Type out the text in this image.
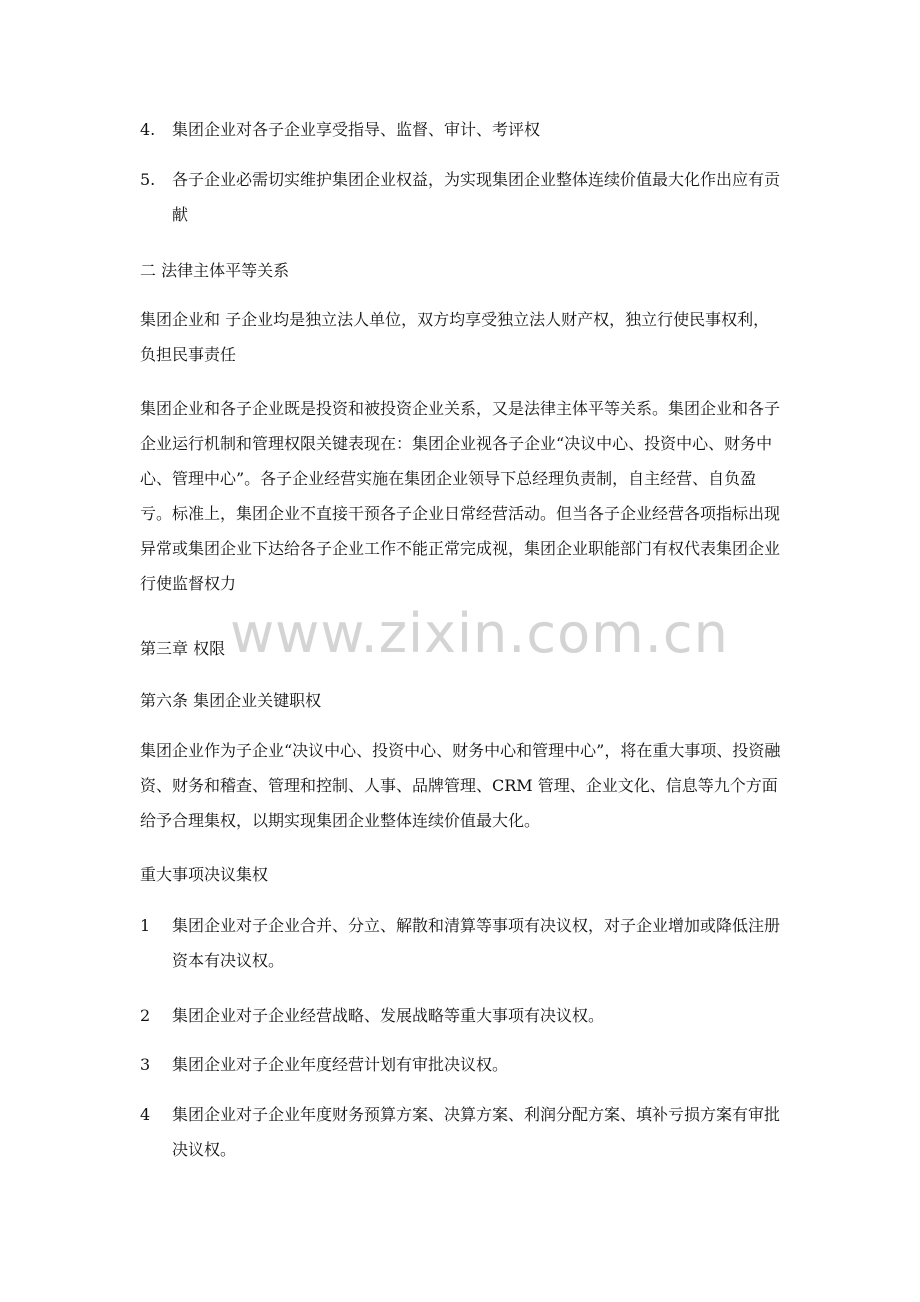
4.	集团企业对各子企业享受指导、监督、审计、考评权
5.	各子企业必需切实维护集团企业权益，为实现集团企业整体连续价值最大化作出应有贡献

二 法律主体平等关系

集团企业和 子企业均是独立法人单位，双方均享受独立法人财产权，独立行使民事权利，负担民事责任

集团企业和各子企业既是投资和被投资企业关系，又是法律主体平等关系。集团企业和各子企业运行机制和管理权限关键表现在：集团企业视各子企业“决议中心、投资中心、财务中心、管理中心”。各子企业经营实施在集团企业领导下总经理负责制，自主经营、自负盈亏。标准上，集团企业不直接干预各子企业日常经营活动。但当各子企业经营各项指标出现异常或集团企业下达给各子企业工作不能正常完成视，集团企业职能部门有权代表集团企业行使监督权力

第三章 权限

第六条 集团企业关键职权

集团企业作为子企业“决议中心、投资中心、财务中心和管理中心”，将在重大事项、投资融资、财务和稽查、管理和控制、人事、品牌管理、CRM 管理、企业文化、信息等九个方面给予合理集权，以期实现集团企业整体连续价值最大化。

重大事项决议集权

1	集团企业对子企业合并、分立、解散和清算等事项有决议权，对子企业增加或降低注册资本有决议权。
2	集团企业对子企业经营战略、发展战略等重大事项有决议权。
3	集团企业对子企业年度经营计划有审批决议权。
4	集团企业对子企业年度财务预算方案、决算方案、利润分配方案、填补亏损方案有审批决议权。
www.zixin.com.cn
